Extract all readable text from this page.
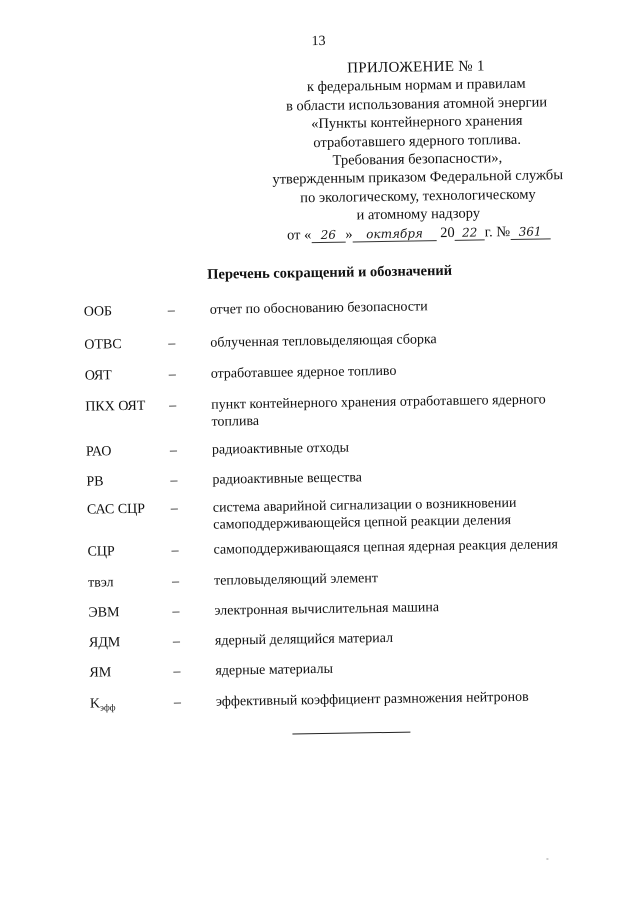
13
ПРИЛОЖЕНИЕ № 1
к федеральным нормам и правилам
в области использования атомной энергии
«Пункты контейнерного хранения
отработавшего ядерного топлива.
Требования безопасности»,
утвержденным приказом Федеральной службы
по экологическому, технологическому
и атомному надзору
от « 26 » октября 20 22 г. № 361
Перечень сокращений и обозначений
ООБ	– отчет по обоснованию безопасности
ОТВС	– облученная тепловыделяющая сборка
ОЯТ	– отработавшее ядерное топливо
ПКХ ОЯТ	– пункт контейнерного хранения отработавшего ядерного топлива
РАО	– радиоактивные отходы
РВ	– радиоактивные вещества
САС СЦР	– система аварийной сигнализации о возникновении самоподдерживающейся цепной реакции деления
СЦР	– самоподдерживающаяся цепная ядерная реакция деления
твэл	– тепловыделяющий элемент
ЭВМ	– электронная вычислительная машина
ЯДМ	– ядерный делящийся материал
ЯМ	– ядерные материалы
$K_{эфф}$	– эффективный коэффициент размножения нейтронов
